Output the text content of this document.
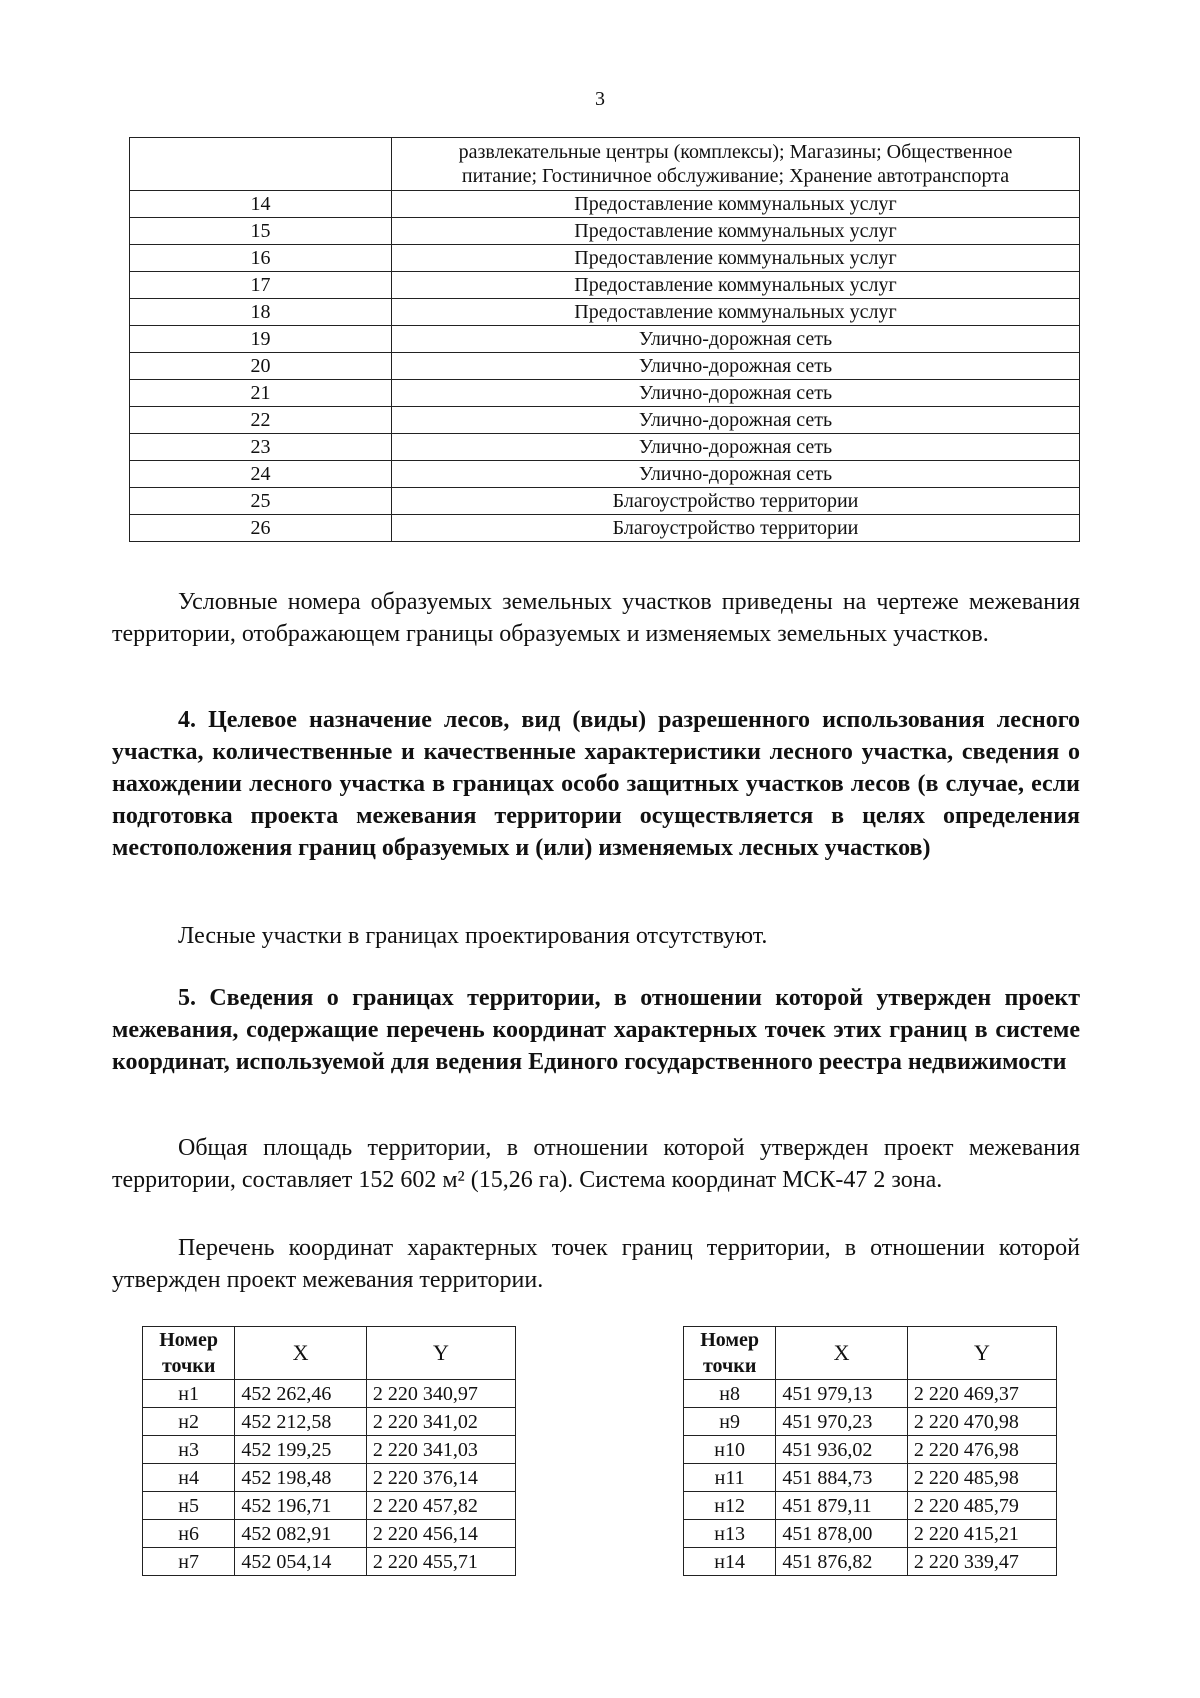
3

	развлекательные центры (комплексы); Магазины; Общественное
питание; Гостиничное обслуживание; Хранение автотранспорта

14	Предоставление коммунальных услуг
15	Предоставление коммунальных услуг
16	Предоставление коммунальных услуг
17	Предоставление коммунальных услуг
18	Предоставление коммунальных услуг
19	Улично-дорожная сеть
20	Улично-дорожная сеть
21	Улично-дорожная сеть
22	Улично-дорожная сеть
23	Улично-дорожная сеть
24	Улично-дорожная сеть
25	Благоустройство территории
26	Благоустройство территории
Условные номера образуемых земельных участков приведены на чертеже межевания территории, отображающем границы образуемых и изменяемых земельных участков.
4. Целевое назначение лесов, вид (виды) разрешенного использования лесного участка, количественные и качественные характеристики лесного участка, сведения о нахождении лесного участка в границах особо защитных участков лесов (в случае, если подготовка проекта межевания территории осуществляется в целях определения местоположения границ образуемых и (или) изменяемых лесных участков)
Лесные участки в границах проектирования отсутствуют.
5. Сведения о границах территории, в отношении которой утвержден проект межевания, содержащие перечень координат характерных точек этих границ в системе координат, используемой для ведения Единого государственного реестра недвижимости
Общая площадь территории, в отношении которой утвержден проект межевания территории, составляет 152 602 м² (15,26 га). Система координат МСК-47 2 зона.
Перечень координат характерных точек границ территории, в отношении которой утвержден проект межевания территории.
Номер
точки	X	Y
н1	452 262,46	2 220 340,97
н2	452 212,58	2 220 341,02
н3	452 199,25	2 220 341,03
н4	452 198,48	2 220 376,14
н5	452 196,71	2 220 457,82
н6	452 082,91	2 220 456,14
н7	452 054,14	2 220 455,71
Номер
точки	X	Y
н8	451 979,13	2 220 469,37
н9	451 970,23	2 220 470,98
н10	451 936,02	2 220 476,98
н11	451 884,73	2 220 485,98
н12	451 879,11	2 220 485,79
н13	451 878,00	2 220 415,21
н14	451 876,82	2 220 339,47
